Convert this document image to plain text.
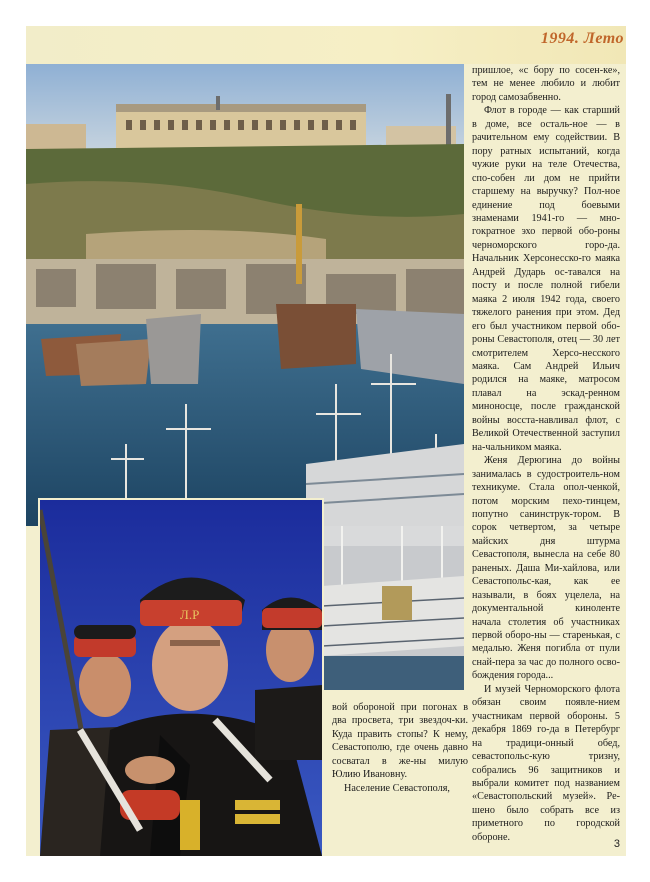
1994. Лето
Л.Р

пришлое, «с бору по сосен-ке», тем не менее любило и любит город самозабвенно.

Флот в городе — как старший в доме, все осталь-ное — в рачительном ему содействии. В пору ратных испытаний, когда чужие руки на теле Отечества, спо-собен ли дом не прийти старшему на выручку? Пол-ное единение под боевыми знаменами 1941-го — мно-гократное эхо первой обо-роны черноморского горо-да. Начальник Херсонесско-го маяка Андрей Дударь ос-тавался на посту и после полной гибели маяка 2 июля 1942 года, своего тяжелого ранения при этом. Дед его был участником первой обо-роны Севастополя, отец — 30 лет смотрителем Херсо-несского маяка. Сам Андрей Ильич родился на маяке, матросом плавал на эскад-ренном миноносце, после гражданской войны восста-навливал флот, с Великой Отечественной заступил на-чальником маяка.

Женя Дерюгина до войны занималась в судостроитель-ном техникуме. Стала опол-ченкой, потом морским пехо-тинцем, попутно санинструк-тором. В сорок четвертом, за четыре майских дня штурма Севастополя, вынесла на себе 80 раненых. Даша Ми-хайлова, или Севастопольс-кая, как ее называли, в боях уцелела, на документальной киноленте начала столетия об участниках первой оборо-ны — старенькая, с медалью. Женя погибла от пули снай-пера за час до полного осво-бождения города...

И музей Черноморского флота обязан своим появле-нием участникам первой обороны. 5 декабря 1869 го-да в Петербург на традици-онный обед, севастопольс-кую тризну, собрались 96 защитников и выбрали комитет под названием «Севастопольский музей». Ре-шено было собрать все из приметного по городской обороне.

вой обороной при погонах в два просвета, три звездоч-ки. Куда править стопы? К нему, Севастополю, где очень давно сосватал в же-ны милую Юлию Ивановну.

Население Севастополя,

3
